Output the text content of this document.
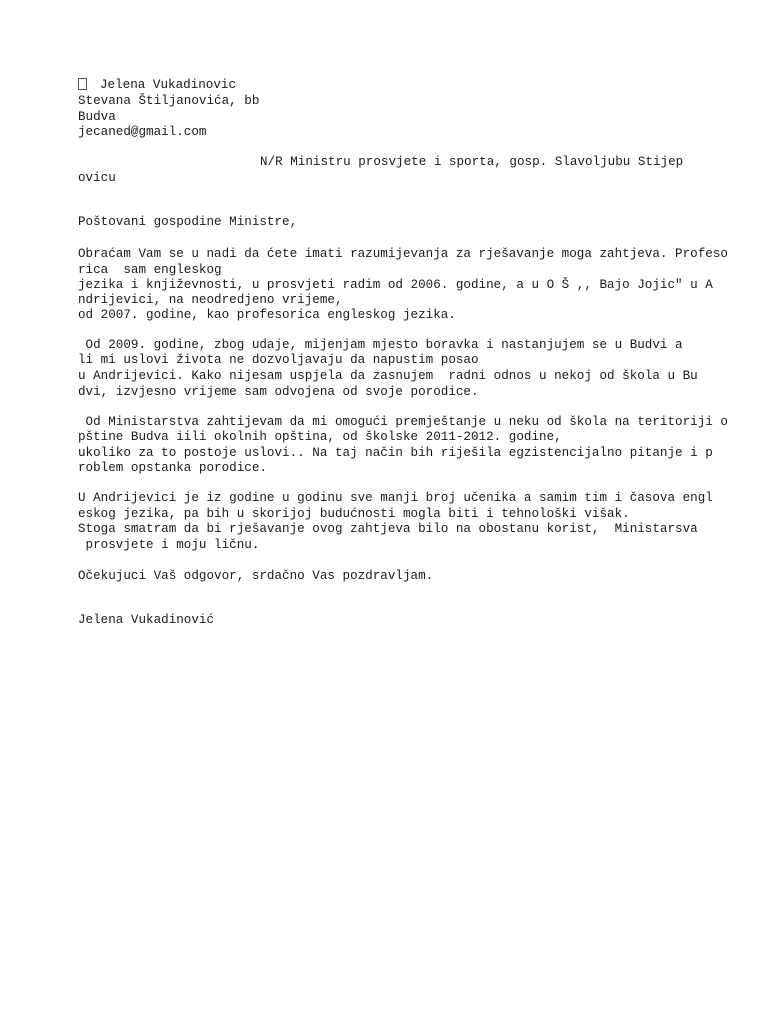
Jelena Vukadinovic

Stevana Štiljanovića, bb

Budva

jecaned@gmail.com

N/R Ministru prosvjete i sporta, gosp. Slavoljubu Stijep

ovicu

Poštovani gospodine Ministre,

Obraćam Vam se u nadi da ćete imati razumijevanja za rješavanje moga zahtjeva. Profeso

rica  sam engleskog

jezika i književnosti, u prosvjeti radim od 2006. godine, a u O Š ,, Bajo Jojic" u A

ndrijevici, na neodredjeno vrijeme,

od 2007. godine, kao profesorica engleskog jezika.

Od 2009. godine, zbog udaje, mijenjam mjesto boravka i nastanjujem se u Budvi a

li mi uslovi života ne dozvoljavaju da napustim posao

u Andrijevici. Kako nijesam uspjela da zasnujem  radni odnos u nekoj od škola u Bu

dvi, izvjesno vrijeme sam odvojena od svoje porodice.

Od Ministarstva zahtijevam da mi omogući premještanje u neku od škola na teritoriji o

pštine Budva iili okolnih opština, od školske 2011-2012. godine,

ukoliko za to postoje uslovi.. Na taj način bih riješila egzistencijalno pitanje i p

roblem opstanka porodice.

U Andrijevici je iz godine u godinu sve manji broj učenika a samim tim i časova engl

eskog jezika, pa bih u skorijoj budućnosti mogla biti i tehnološki višak.

Stoga smatram da bi rješavanje ovog zahtjeva bilo na obostanu korist,  Ministarsva

prosvjete i moju ličnu.

Očekujuci Vaš odgovor, srdačno Vas pozdravljam.

Jelena Vukadinović
